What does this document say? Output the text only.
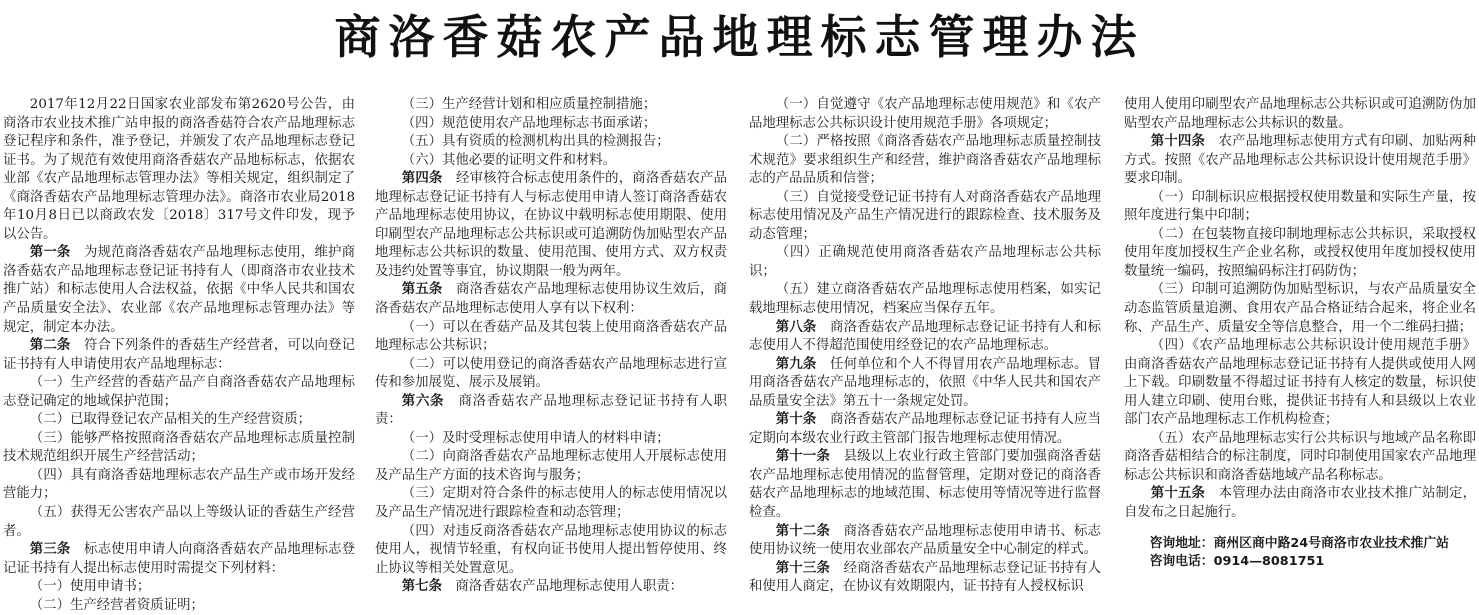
商洛香菇农产品地理标志管理办法

2017年12月22日国家农业部发布第2620号公告，由商洛市农业技术推广站申报的商洛香菇符合农产品地理标志登记程序和条件，准予登记，并颁发了农产品地理标志登记证书。为了规范有效使用商洛香菇农产品地标标志，依据农业部《农产品地理标志管理办法》等相关规定，组织制定了《商洛香菇农产品地理标志管理办法》。商洛市农业局2018年10月8日已以商政农发〔2018〕317号文件印发，现予以公告。

第一条  为规范商洛香菇农产品地理标志使用，维护商洛香菇农产品地理标志登记证书持有人（即商洛市农业技术推广站）和标志使用人合法权益，依据《中华人民共和国农产品质量安全法》、农业部《农产品地理标志管理办法》等规定，制定本办法。

第二条  符合下列条件的香菇生产经营者，可以向登记证书持有人申请使用农产品地理标志：

（一）生产经营的香菇产品产自商洛香菇农产品地理标志登记确定的地域保护范围；

（二）已取得登记农产品相关的生产经营资质；

（三）能够严格按照商洛香菇农产品地理标志质量控制技术规范组织开展生产经营活动；

（四）具有商洛香菇地理标志农产品生产或市场开发经营能力；

（五）获得无公害农产品以上等级认证的香菇生产经营者。

第三条  标志使用申请人向商洛香菇农产品地理标志登记证书持有人提出标志使用时需提交下列材料：

（一）使用申请书；

（二）生产经营者资质证明；

（三）生产经营计划和相应质量控制措施；

（四）规范使用农产品地理标志书面承诺；

（五）具有资质的检测机构出具的检测报告；

（六）其他必要的证明文件和材料。

第四条  经审核符合标志使用条件的，商洛香菇农产品地理标志登记证书持有人与标志使用申请人签订商洛香菇农产品地理标志使用协议，在协议中载明标志使用期限、使用印刷型农产品地理标志公共标识或可追溯防伪加贴型农产品地理标志公共标识的数量、使用范围、使用方式、双方权责及违约处置等事宜，协议期限一般为两年。

第五条  商洛香菇农产品地理标志使用协议生效后，商洛香菇农产品地理标志使用人享有以下权利：

（一）可以在香菇产品及其包装上使用商洛香菇农产品地理标志公共标识；

（二）可以使用登记的商洛香菇农产品地理标志进行宣传和参加展览、展示及展销。

第六条  商洛香菇农产品地理标志登记证书持有人职责：

（一）及时受理标志使用申请人的材料申请；

（二）向商洛香菇农产品地理标志使用人开展标志使用及产品生产方面的技术咨询与服务；

（三）定期对符合条件的标志使用人的标志使用情况以及产品生产情况进行跟踪检查和动态管理；

（四）对违反商洛香菇农产品地理标志使用协议的标志使用人，视情节轻重，有权向证书使用人提出暂停使用、终止协议等相关处置意见。

第七条  商洛香菇农产品地理标志使用人职责：

（一）自觉遵守《农产品地理标志使用规范》和《农产品地理标志公共标识设计使用规范手册》各项规定；

（二）严格按照《商洛香菇农产品地理标志质量控制技术规范》要求组织生产和经营，维护商洛香菇农产品地理标志的产品品质和信誉；

（三）自觉接受登记证书持有人对商洛香菇农产品地理标志使用情况及产品生产情况进行的跟踪检查、技术服务及动态管理；

（四）正确规范使用商洛香菇农产品地理标志公共标识；

（五）建立商洛香菇农产品地理标志使用档案，如实记载地理标志使用情况，档案应当保存五年。

第八条  商洛香菇农产品地理标志登记证书持有人和标志使用人不得超范围使用经登记的农产品地理标志。

第九条  任何单位和个人不得冒用农产品地理标志。冒用商洛香菇农产品地理标志的，依照《中华人民共和国农产品质量安全法》第五十一条规定处罚。

第十条  商洛香菇农产品地理标志登记证书持有人应当定期向本级农业行政主管部门报告地理标志使用情况。

第十一条  县级以上农业行政主管部门要加强商洛香菇农产品地理标志使用情况的监督管理，定期对登记的商洛香菇农产品地理标志的地域范围、标志使用等情况等进行监督检查。

第十二条  商洛香菇农产品地理标志使用申请书、标志使用协议统一使用农业部农产品质量安全中心制定的样式。

第十三条  经商洛香菇农产品地理标志登记证书持有人和使用人商定，在协议有效期限内，证书持有人授权标识

使用人使用印刷型农产品地理标志公共标识或可追溯防伪加贴型农产品地理标志公共标识的数量。

第十四条  农产品地理标志使用方式有印刷、加贴两种方式。按照《农产品地理标志公共标识设计使用规范手册》要求印制。

（一）印制标识应根据授权使用数量和实际生产量，按照年度进行集中印制；

（二）在包装物直接印制地理标志公共标识，采取授权使用年度加授权生产企业名称，或授权使用年度加授权使用数量统一编码，按照编码标注打码防伪；

（三）印制可追溯防伪加贴型标识，与农产品质量安全动态监管质量追溯、食用农产品合格证结合起来，将企业名称、产品生产、质量安全等信息整合，用一个二维码扫描；

（四）《农产品地理标志公共标识设计使用规范手册》由商洛香菇农产品地理标志登记证书持有人提供或使用人网上下载。印刷数量不得超过证书持有人核定的数量，标识使用人建立印刷、使用台账，提供证书持有人和县级以上农业部门农产品地理标志工作机构检查；

（五）农产品地理标志实行公共标识与地域产品名称即商洛香菇相结合的标注制度，同时印制使用国家农产品地理标志公共标识和商洛香菇地域产品名称标志。

第十五条  本管理办法由商洛市农业技术推广站制定，自发布之日起施行。

咨询地址：商州区商中路24号商洛市农业技术推广站
咨询电话：0914—8081751
